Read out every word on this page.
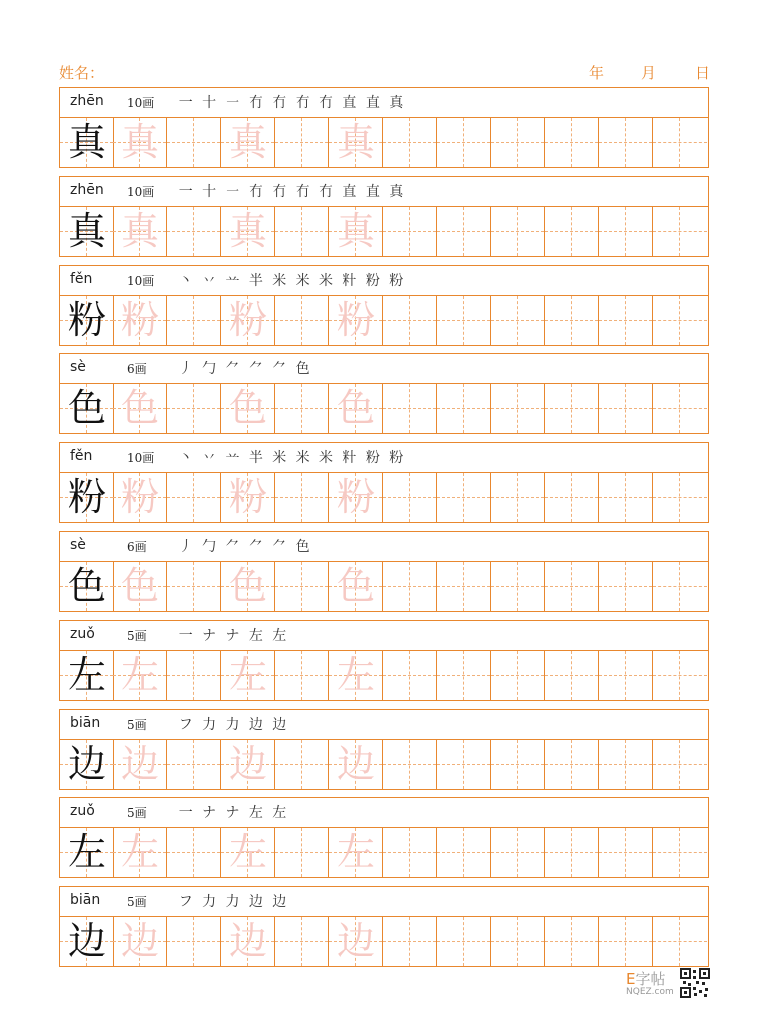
姓名：	年 月	日
zhēn 10画	一 十 ㇐ 冇 冇 冇 冇 直 直 真
真 真 真 真
zhēn 10画	一 十 ㇐ 冇 冇 冇 冇 直 直 真
真 真 真 真
fěn	10画	丶 丷 䒑 半 米 米 米 籵 粉 粉
粉 粉 粉 粉
sè	6画	丿 勹 ⺈ ⺈ ⺈ 色
色 色 色 色
fěn	10画	丶 丷 䒑 半 米 米 米 籵 粉 粉
粉 粉 粉 粉
sè	6画	丿 勹 ⺈ ⺈ ⺈ 色
色 色 色 色
zuǒ	5画	一 ナ ナ 左 左
左 左 左 左
biān 5画	フ 力 力 边 边
边 边 边 边
zuǒ	5画	一 ナ ナ 左 左
左 左 左 左
biān 5画	フ 力 力 边 边
边 边 边 边
E字帖
NQEZ.com
